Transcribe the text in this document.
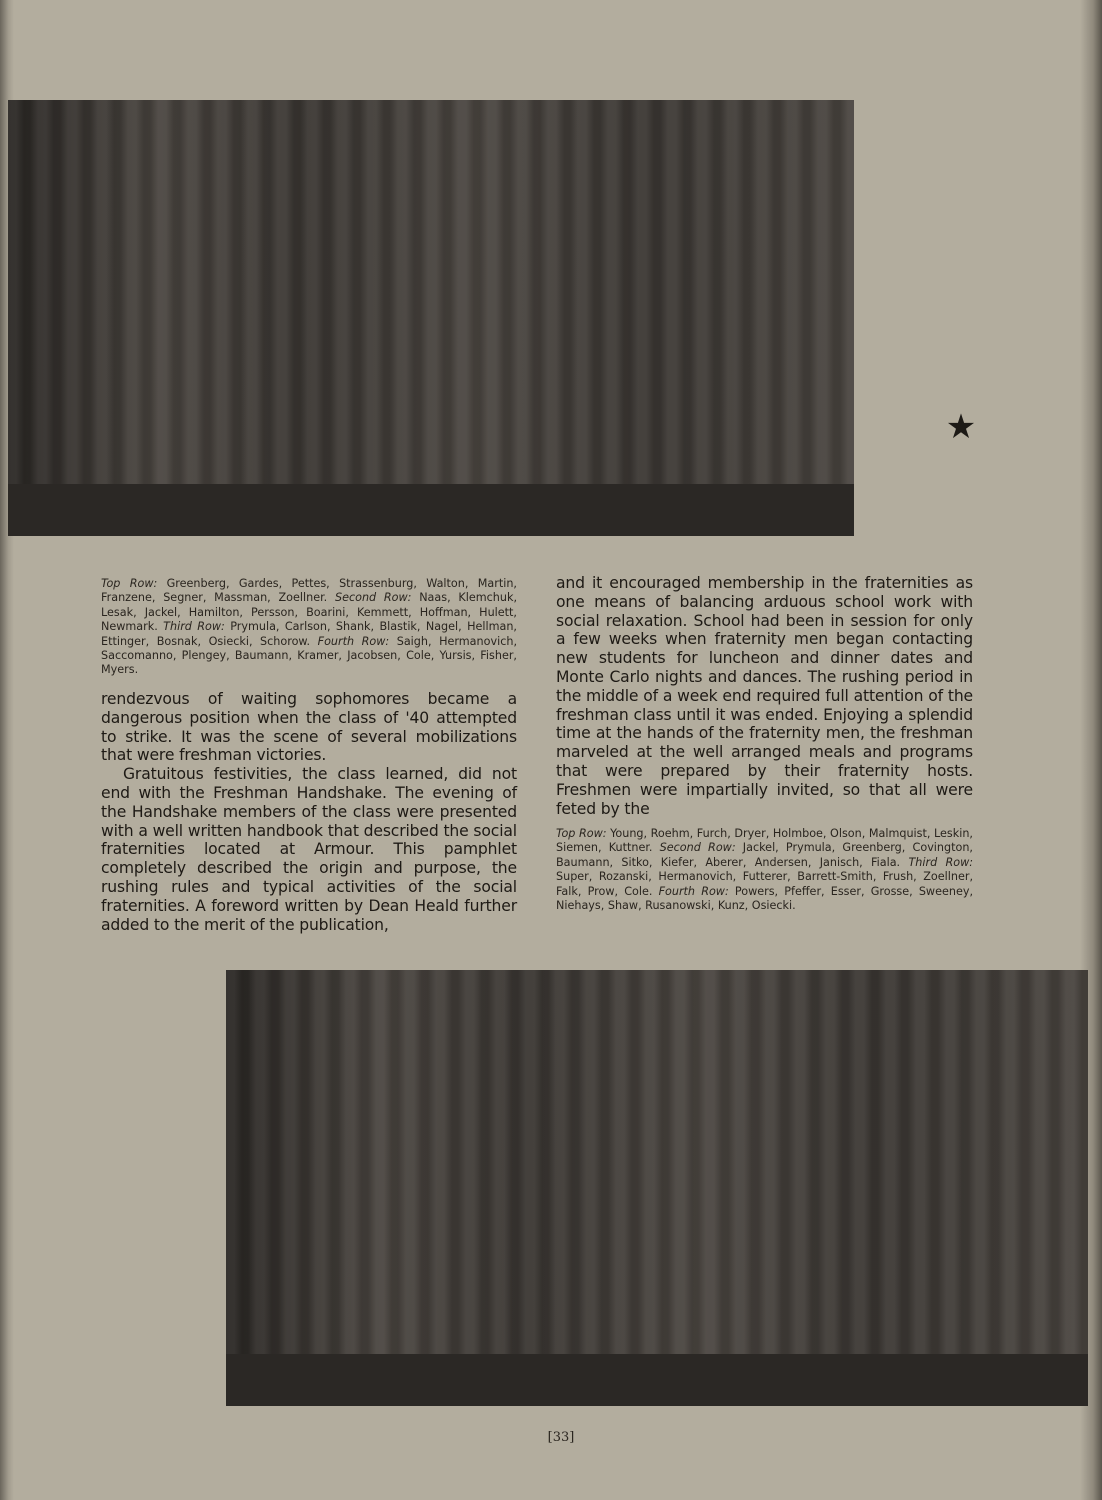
★
Top Row: Greenberg, Gardes, Pettes, Strassenburg, Walton, Martin, Franzene, Segner, Massman, Zoellner. Second Row: Naas, Klemchuk, Lesak, Jackel, Hamilton, Persson, Boarini, Kemmett, Hoffman, Hulett, Newmark. Third Row: Prymula, Carlson, Shank, Blastik, Nagel, Hellman, Ettinger, Bosnak, Osiecki, Schorow. Fourth Row: Saigh, Hermanovich, Saccomanno, Plengey, Baumann, Kramer, Jacobsen, Cole, Yursis, Fisher, Myers.

rendezvous of waiting sophomores became a dangerous position when the class of '40 attempted to strike. It was the scene of several mobilizations that were freshman victories.

Gratuitous festivities, the class learned, did not end with the Freshman Handshake. The evening of the Handshake members of the class were presented with a well written handbook that described the social fraternities located at Armour. This pamphlet completely described the origin and purpose, the rushing rules and typical activities of the social fraternities. A foreword written by Dean Heald further added to the merit of the publication,

and it encouraged membership in the fraternities as one means of balancing arduous school work with social relaxation. School had been in session for only a few weeks when fraternity men began contacting new students for luncheon and dinner dates and Monte Carlo nights and dances. The rushing period in the middle of a week end required full attention of the freshman class until it was ended. Enjoying a splendid time at the hands of the fraternity men, the freshman marveled at the well arranged meals and programs that were prepared by their fraternity hosts. Freshmen were impartially invited, so that all were feted by the

Top Row: Young, Roehm, Furch, Dryer, Holmboe, Olson, Malmquist, Leskin, Siemen, Kuttner. Second Row: Jackel, Prymula, Greenberg, Covington, Baumann, Sitko, Kiefer, Aberer, Andersen, Janisch, Fiala. Third Row: Super, Rozanski, Hermanovich, Futterer, Barrett-Smith, Frush, Zoellner, Falk, Prow, Cole. Fourth Row: Powers, Pfeffer, Esser, Grosse, Sweeney, Niehays, Shaw, Rusanowski, Kunz, Osiecki.
[33]
